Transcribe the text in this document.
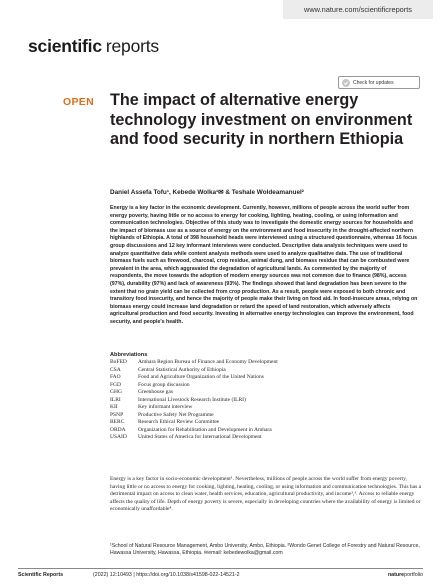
www.nature.com/scientificreports
scientific reports
Check for updates
OPEN The impact of alternative energy technology investment on environment and food security in northern Ethiopia
Daniel Assefa Tofu¹, Kebede Wolka¹✉ & Teshale Woldeamanuel²

Energy is a key factor in the economic development. Currently, however, millions of people across the world suffer from energy poverty, having little or no access to energy for cooking, lighting, heating, cooling, or using information and communication technologies. Objective of this study was to investigate the domestic energy sources for households and the impact of biomass use as a source of energy on the environment and food insecurity in the drought-affected northern highlands of Ethiopia. A total of 398 household heads were interviewed using a structured questionnaire, whereas 16 focus group discussions and 12 key informant interviews were conducted. Descriptive data analysis techniques were used to analyze quantitative data while content analysis methods were used to analyze qualitative data. The use of traditional biomass fuels such as firewood, charcoal, crop residue, animal dung, and biomass residue that can be combusted were prevalent in the area, which aggravated the degradation of agricultural lands. As commented by the majority of respondents, the move towards the adoption of modern energy sources was not common due to finance (98%), access (97%), durability (97%) and lack of awareness (93%). The findings showed that land degradation has been severe to the extent that no grain yield can be collected from crop production. As a result, people were exposed to both chronic and transitory food insecurity, and hence the majority of people make their living on food aid. In food-insecure areas, relying on biomass energy could increase land degradation or retard the speed of land restoration, which adversely affects agricultural production and food security. Investing in alternative energy technologies can improve the environment, food security, and people's health.

Abbreviations
BoFED	Amhara Region Bureau of Finance and Economy Development
CSA	Central Statistical Authority of Ethiopia
FAO	Food and Agriculture Organization of the United Nations
FGD	Focus group discussion
GHG	Greenhouse gas
ILRI	International Livestock Research Institute (ILRI)
KII	Key informant interview
PSNP	Productive Safety Net Programme
RERC	Research Ethical Review Committee
ORDA	Organization for Rehabilitation and Development in Amhara
USAID	United States of America for International Development

Energy is a key factor in socio-economic development¹. Nevertheless, millions of people across the world suffer from energy poverty, having little or no access to energy for cooking, lighting, heating, cooling, or using information and communication technologies. This has a detrimental impact on access to clean water, health services, education, agricultural productivity, and income²,³. Access to reliable energy affects the quality of life. Depth of energy poverty is severe, especially in developing countries where the availability of energy is limited or economically unaffordable⁴.

¹School of Natural Resource Management, Ambo University, Ambo, Ethiopia. ²Wondo Genet College of Forestry and Natural Resource, Hawassa University, Hawassa, Ethiopia. ✉email: kebedewolka@gmail.com

Scientific Reports	(2022) 12:10493 | https://doi.org/10.1038/s41598-022-14521-2	natureportfolio
